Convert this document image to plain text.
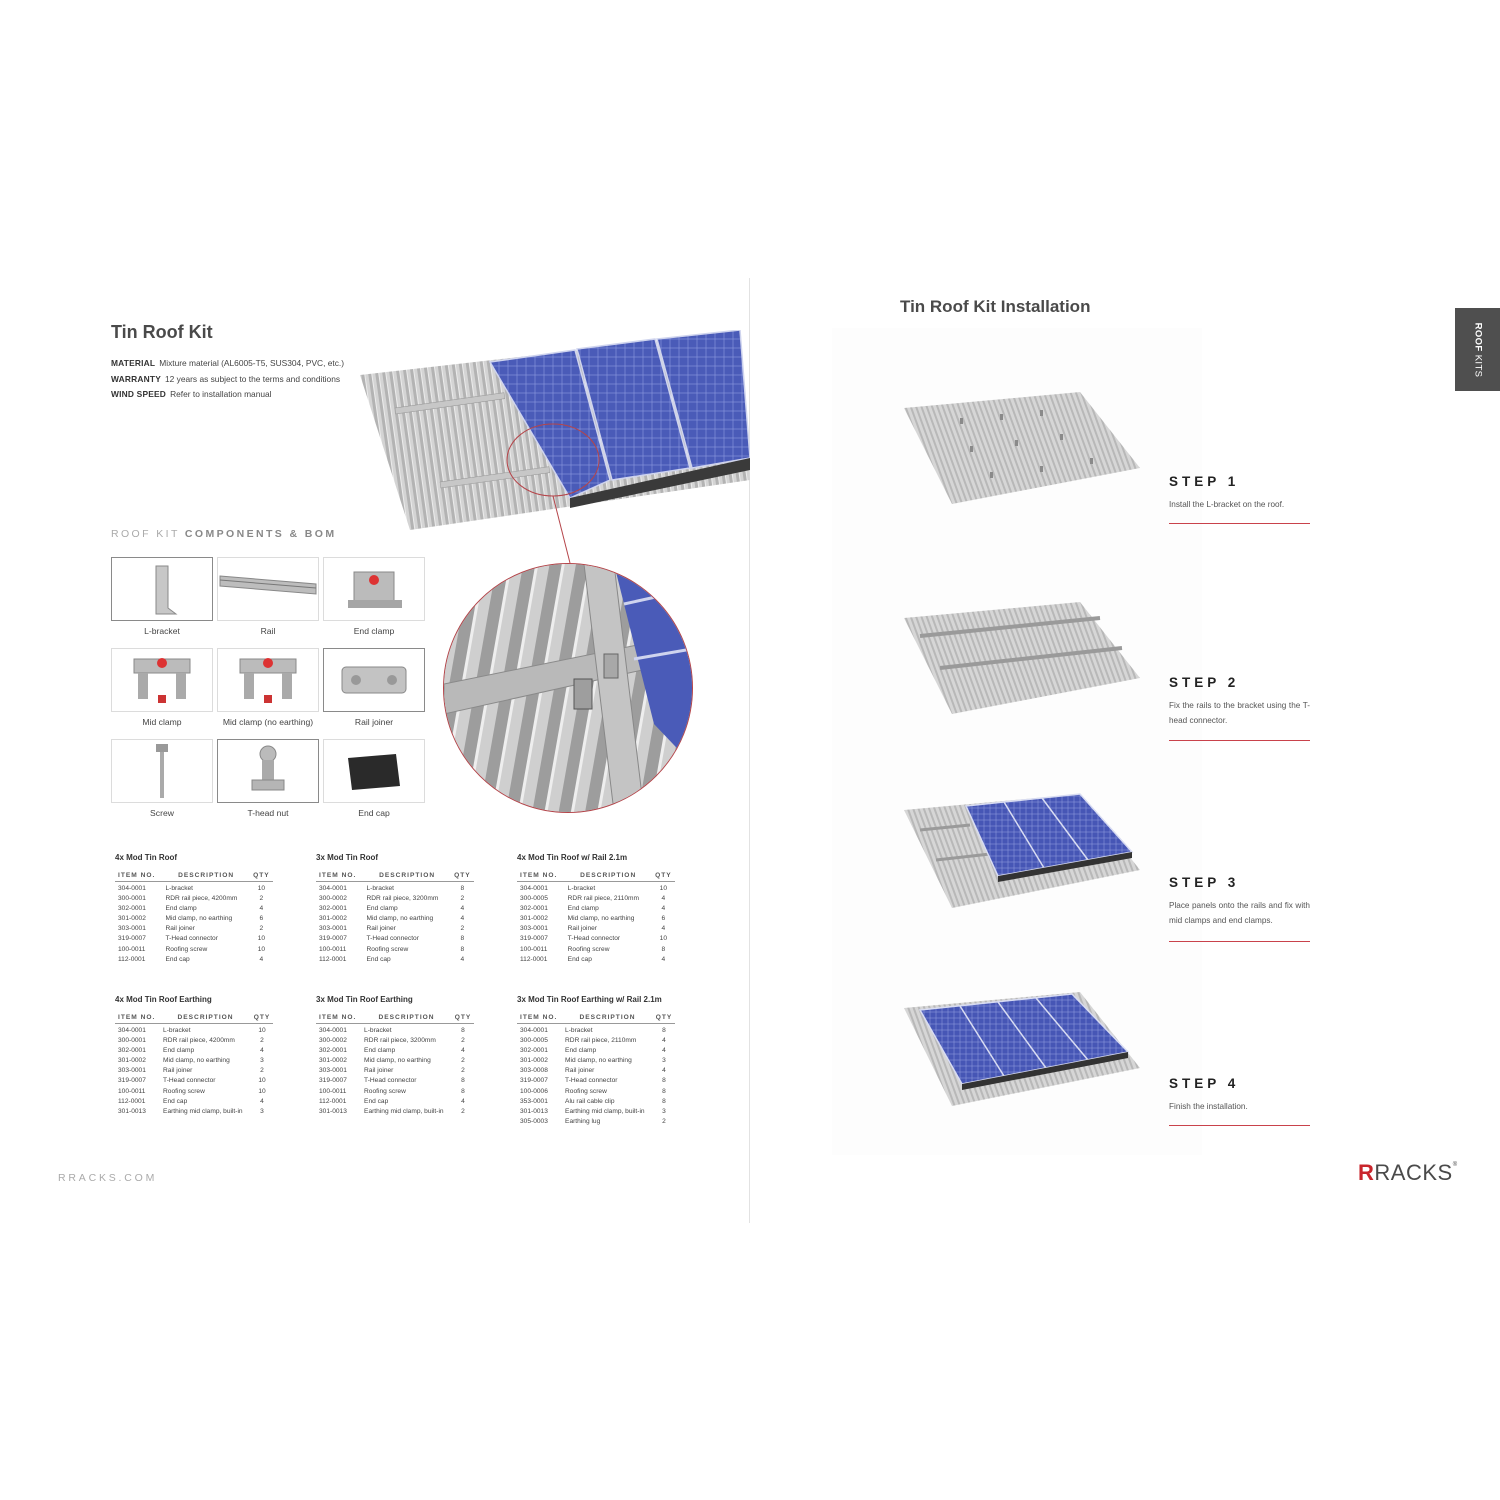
Tin Roof Kit
MATERIAL Mixture material (AL6005-T5, SUS304, PVC, etc.)
WARRANTY 12 years as subject to the terms and conditions
WIND SPEED Refer to installation manual
ROOF KIT COMPONENTS & BOM
L-bracket	Rail	End clamp
Mid clamp	Mid clamp (no earthing)	Rail joiner
Screw	T-head nut	End cap
4x Mod Tin Roof
ITEM NO.	DESCRIPTION	QTY
304-0001	L-bracket	10
300-0001	RDR rail piece, 4200mm	2
302-0001	End clamp	4
301-0002	Mid clamp, no earthing	6
303-0001	Rail joiner	2
319-0007	T-Head connector	10
100-0011	Roofing screw	10
112-0001	End cap	4
3x Mod Tin Roof
ITEM NO.	DESCRIPTION	QTY
304-0001	L-bracket	8
300-0002	RDR rail piece, 3200mm	2
302-0001	End clamp	4
301-0002	Mid clamp, no earthing	4
303-0001	Rail joiner	2
319-0007	T-Head connector	8
100-0011	Roofing screw	8
112-0001	End cap	4
4x Mod Tin Roof w/ Rail 2.1m
ITEM NO.	DESCRIPTION	QTY
304-0001	L-bracket	10
300-0005	RDR rail piece, 2110mm	4
302-0001	End clamp	4
301-0002	Mid clamp, no earthing	6
303-0001	Rail joiner	4
319-0007	T-Head connector	10
100-0011	Roofing screw	8
112-0001	End cap	4
4x Mod Tin Roof Earthing
ITEM NO.	DESCRIPTION	QTY
304-0001	L-bracket	10
300-0001	RDR rail piece, 4200mm	2
302-0001	End clamp	4
301-0002	Mid clamp, no earthing	3
303-0001	Rail joiner	2
319-0007	T-Head connector	10
100-0011	Roofing screw	10
112-0001	End cap	4
301-0013	Earthing mid clamp, built-in	3
3x Mod Tin Roof Earthing
ITEM NO.	DESCRIPTION	QTY
304-0001	L-bracket	8
300-0002	RDR rail piece, 3200mm	2
302-0001	End clamp	4
301-0002	Mid clamp, no earthing	2
303-0001	Rail joiner	2
319-0007	T-Head connector	8
100-0011	Roofing screw	8
112-0001	End cap	4
301-0013	Earthing mid clamp, built-in	2
3x Mod Tin Roof Earthing w/ Rail 2.1m
ITEM NO.	DESCRIPTION	QTY
304-0001	L-bracket	8
300-0005	RDR rail piece, 2110mm	4
302-0001	End clamp	4
301-0002	Mid clamp, no earthing	3
303-0008	Rail joiner	4
319-0007	T-Head connector	8
100-0006	Roofing screw	8
353-0001	Alu rail cable clip	8
301-0013	Earthing mid clamp, built-in	3
305-0003	Earthing lug	2
RRACKS.COM
Tin Roof Kit Installation
STEP 1
Install the L-bracket on the roof.
STEP 2
Fix the rails to the bracket using the T-head connector.
STEP 3
Place panels onto the rails and fix with mid clamps and end clamps.
STEP 4
Finish the installation.
ROOF KITS
RRACKS®
